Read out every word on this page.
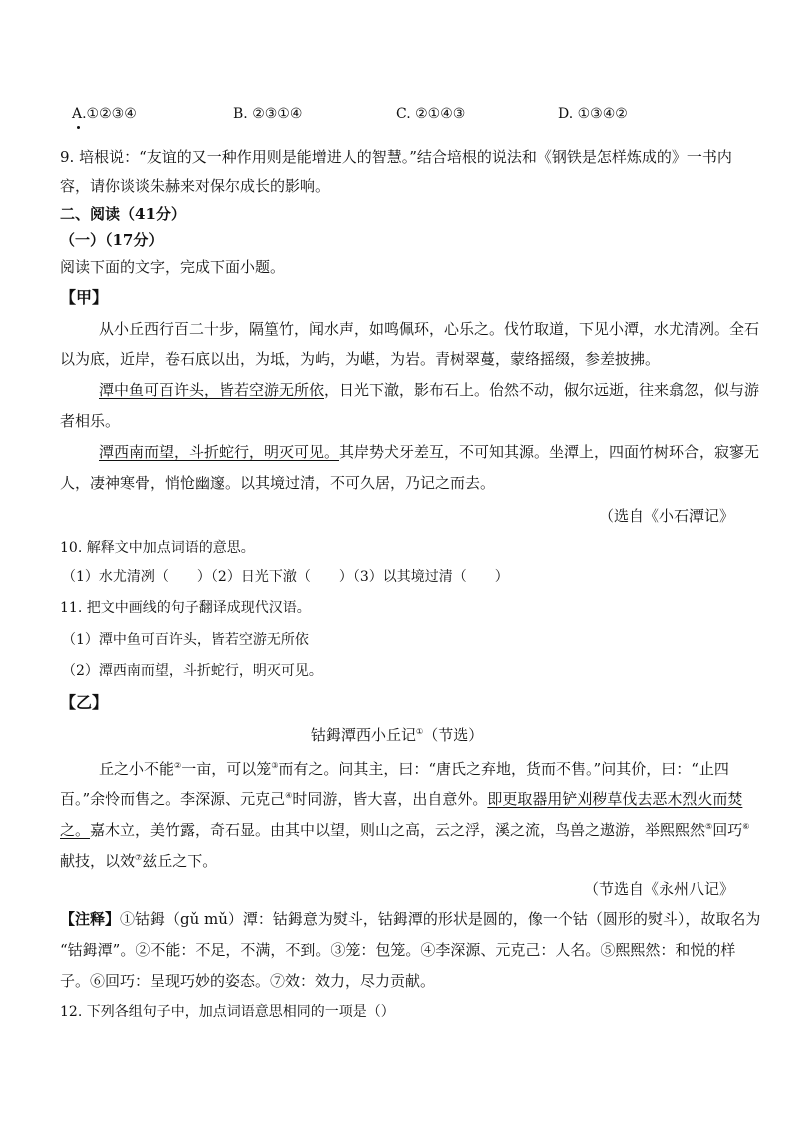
A.①②③④	B. ②③①④	C. ②①④③	D. ①③④②
9. 培根说：“友谊的又一种作用则是能增进人的智慧。”结合培根的说法和《钢铁是怎样炼成的》一书内
容，请你谈谈朱赫来对保尔成长的影响。
二、阅读（41分）
（一）（17分）
阅读下面的文字，完成下面小题。
【甲】
从小丘西行百二十步，隔篁竹，闻水声，如鸣佩环，心乐之。伐竹取道，下见小潭，水尤清冽。全石
以为底，近岸，卷石底以出，为坻，为屿，为嵁，为岩。青树翠蔓，蒙络摇缀，参差披拂。
潭中鱼可百许头，皆若空游无所依，日光下澈，影布石上。佁然不动，俶尔远逝，往来翕忽，似与游
者相乐。
潭西南而望，斗折蛇行，明灭可见。其岸势犬牙差互，不可知其源。坐潭上，四面竹树环合，寂寥无
人，凄神寒骨，悄怆幽邃。以其境过清，不可久居，乃记之而去。
（选自《小石潭记》
10. 解释文中加点词语的意思。
（1）水尤清冽（　　）（2）日光下澈（　　）（3）以其境过清（　　）
11. 把文中画线的句子翻译成现代汉语。
（1）潭中鱼可百许头，皆若空游无所依
（2）潭西南而望，斗折蛇行，明灭可见。
【乙】
钴鉧潭西小丘记①（节选）
丘之小不能②一亩，可以笼③而有之。问其主，曰：“唐氏之弃地，货而不售。”问其价，曰：“止四
百。”余怜而售之。李深源、元克己④时同游，皆大喜，出自意外。即更取器用铲刈秽草伐去恶木烈火而焚
之。嘉木立，美竹露，奇石显。由其中以望，则山之高，云之浮，溪之流，鸟兽之遨游，举熙熙然⑤回巧⑥
献技，以效⑦兹丘之下。
（节选自《永州八记》
【注释】①钴鉧（gǔ mǔ）潭：钴鉧意为熨斗，钴鉧潭的形状是圆的，像一个钴（圆形的熨斗），故取名为
“钴鉧潭”。②不能：不足，不满，不到。③笼：包笼。④李深源、元克己：人名。⑤熙熙然：和悦的样
子。⑥回巧：呈现巧妙的姿态。⑦效：效力，尽力贡献。
12. 下列各组句子中，加点词语意思相同的一项是（）
